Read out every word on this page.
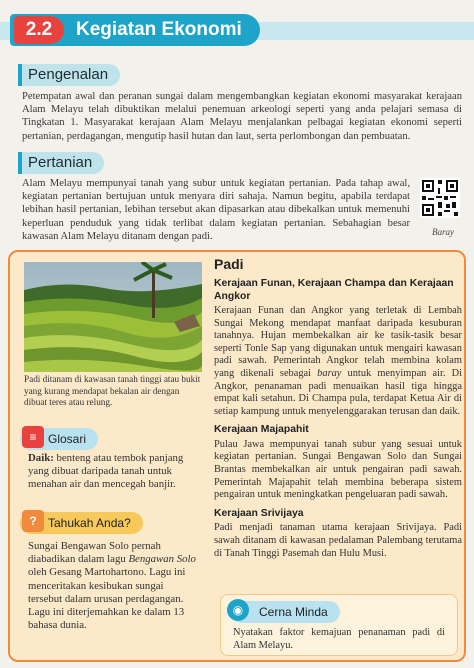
2.2	Kegiatan Ekonomi
Pengenalan
Petempatan awal dan peranan sungai dalam mengembangkan kegiatan ekonomi masyarakat kerajaan Alam Melayu telah dibuktikan melalui penemuan arkeologi seperti yang anda pelajari semasa di Tingkatan 1. Masyarakat kerajaan Alam Melayu menjalankan pelbagai kegiatan ekonomi seperti pertanian, perdagangan, mengutip hasil hutan dan laut, serta perlombongan dan pembuatan.
Pertanian
Alam Melayu mempunyai tanah yang subur untuk kegiatan pertanian. Pada tahap awal, kegiatan pertanian bertujuan untuk menyara diri sahaja. Namun begitu, apabila terdapat lebihan hasil pertanian, lebihan tersebut akan dipasarkan atau dibekalkan untuk memenuhi keperluan penduduk yang tidak terlibat dalam kegiatan pertanian. Sebahagian besar kawasan Alam Melayu ditanam dengan padi.	Baray
Padi ditanam di kawasan tanah tinggi atau bukit yang kurang mendapat bekalan air dengan dibuat teres atau relung.
Glosari
≡
Daik: benteng atau tembok panjang yang dibuat daripada tanah untuk menahan air dan mencegah banjir.
Tahukah Anda?
?
Sungai Bengawan Solo pernah diabadikan dalam lagu Bengawan Solo oleh Gesang Martohartono. Lagu ini menceritakan kesibukan sungai tersebut dalam urusan perdagangan. Lagu ini diterjemahkan ke dalam 13 bahasa dunia.
Padi
Kerajaan Funan, Kerajaan Champa dan Kerajaan Angkor
Kerajaan Funan dan Angkor yang terletak di Lembah Sungai Mekong mendapat manfaat daripada kesuburan tanahnya. Hujan membekalkan air ke tasik-tasik besar seperti Tonle Sap yang digunakan untuk mengairi kawasan padi sawah. Pemerintah Angkor telah membina kolam yang dikenali sebagai baray untuk menyimpan air. Di Angkor, penanaman padi menuaikan hasil tiga hingga empat kali setahun. Di Champa pula, terdapat Ketua Air di setiap kampung untuk menyelenggarakan terusan dan daik.
Kerajaan Majapahit
Pulau Jawa mempunyai tanah subur yang sesuai untuk kegiatan pertanian. Sungai Bengawan Solo dan Sungai Brantas membekalkan air untuk pengairan padi sawah. Pemerintah Majapahit telah membina beberapa sistem pengairan untuk meningkatkan pengeluaran padi sawah.
Kerajaan Srivijaya
Padi menjadi tanaman utama kerajaan Srivijaya. Padi sawah ditanam di kawasan pedalaman Palembang terutama di Tanah Tinggi Pasemah dan Hulu Musi.
Cerna Minda
◉
Nyatakan faktor kemajuan penanaman padi di Alam Melayu.
